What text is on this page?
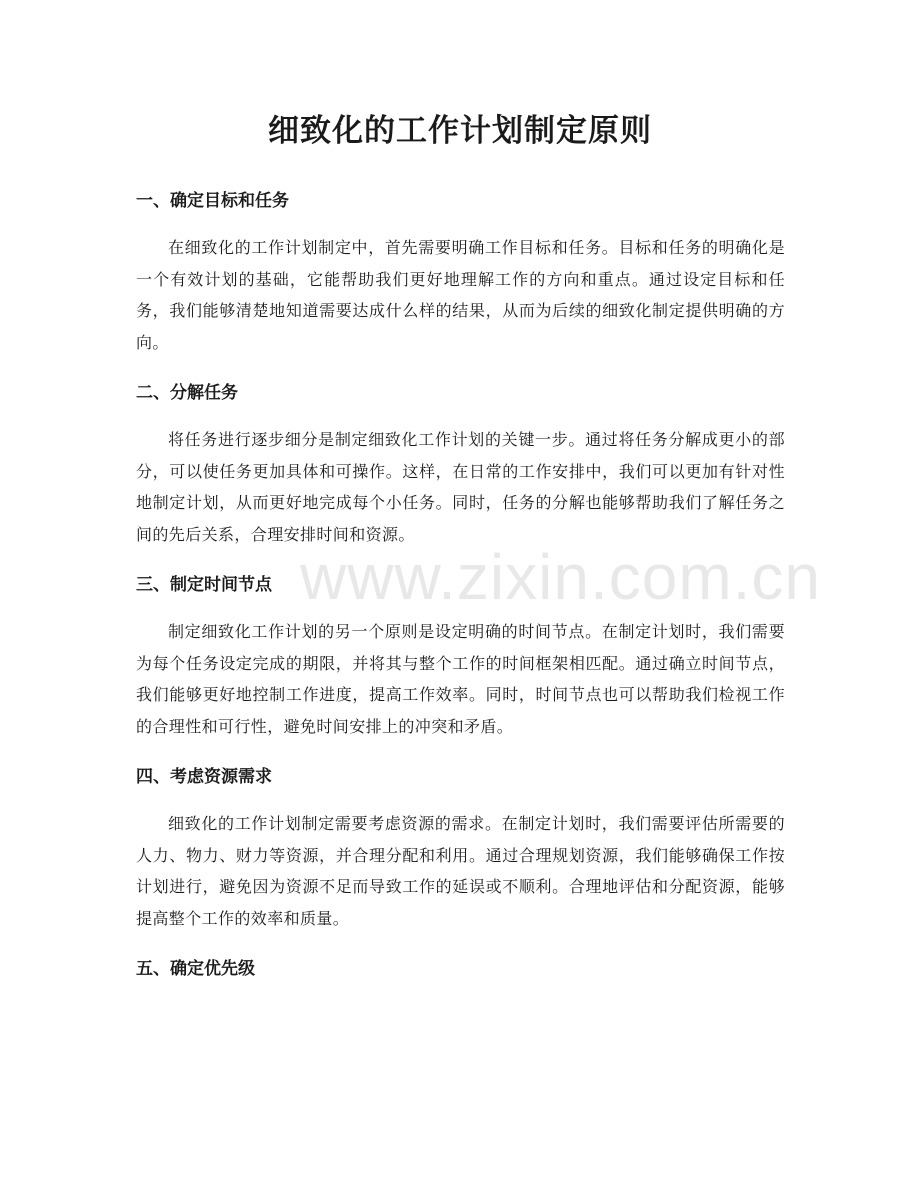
细致化的工作计划制定原则
www.zixin.com.cn
一、确定目标和任务

在细致化的工作计划制定中，首先需要明确工作目标和任务。目标和任务的明确化是一个有效计划的基础，它能帮助我们更好地理解工作的方向和重点。通过设定目标和任务，我们能够清楚地知道需要达成什么样的结果，从而为后续的细致化制定提供明确的方向。

二、分解任务

将任务进行逐步细分是制定细致化工作计划的关键一步。通过将任务分解成更小的部分，可以使任务更加具体和可操作。这样，在日常的工作安排中，我们可以更加有针对性地制定计划，从而更好地完成每个小任务。同时，任务的分解也能够帮助我们了解任务之间的先后关系，合理安排时间和资源。

三、制定时间节点

制定细致化工作计划的另一个原则是设定明确的时间节点。在制定计划时，我们需要为每个任务设定完成的期限，并将其与整个工作的时间框架相匹配。通过确立时间节点，我们能够更好地控制工作进度，提高工作效率。同时，时间节点也可以帮助我们检视工作的合理性和可行性，避免时间安排上的冲突和矛盾。

四、考虑资源需求

细致化的工作计划制定需要考虑资源的需求。在制定计划时，我们需要评估所需要的人力、物力、财力等资源，并合理分配和利用。通过合理规划资源，我们能够确保工作按计划进行，避免因为资源不足而导致工作的延误或不顺利。合理地评估和分配资源，能够提高整个工作的效率和质量。

五、确定优先级
